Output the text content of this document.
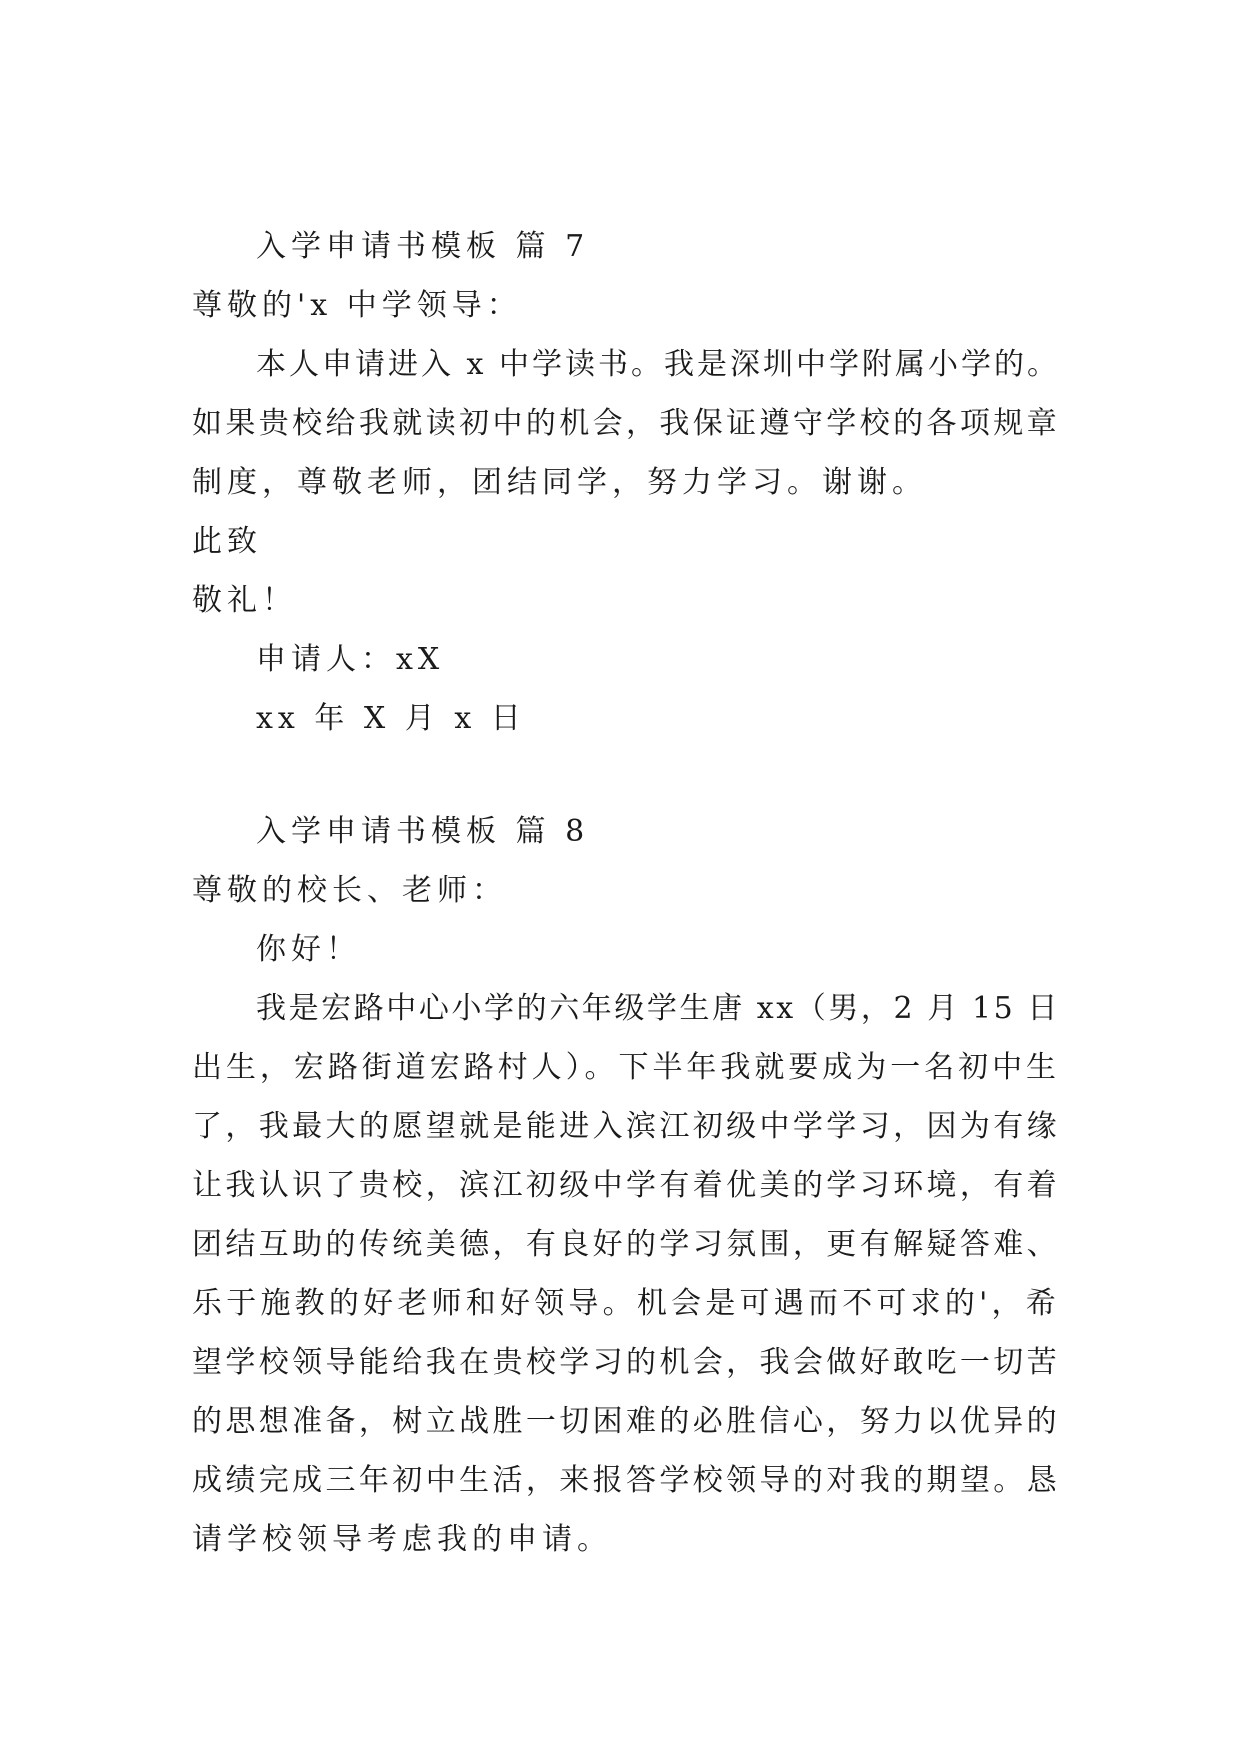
入学申请书模板 篇 7
尊敬的'x 中学领导：
本人申请进入 x 中学读书。我是深圳中学附属小学的。
如果贵校给我就读初中的机会，我保证遵守学校的各项规章
制度，尊敬老师，团结同学，努力学习。谢谢。
此致
敬礼！
申请人：xX
xx 年 X 月 x 日
入学申请书模板 篇 8
尊敬的校长、老师：
你好！
我是宏路中心小学的六年级学生唐 xx（男，2 月 15 日
出生，宏路街道宏路村人）。下半年我就要成为一名初中生
了，我最大的愿望就是能进入滨江初级中学学习，因为有缘
让我认识了贵校，滨江初级中学有着优美的学习环境，有着
团结互助的传统美德，有良好的学习氛围，更有解疑答难、
乐于施教的好老师和好领导。机会是可遇而不可求的'，希
望学校领导能给我在贵校学习的机会，我会做好敢吃一切苦
的思想准备，树立战胜一切困难的必胜信心，努力以优异的
成绩完成三年初中生活，来报答学校领导的对我的期望。恳
请学校领导考虑我的申请。
